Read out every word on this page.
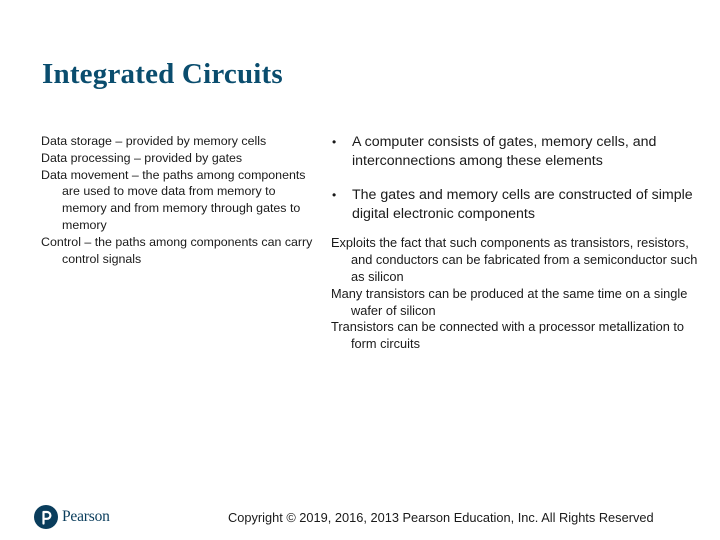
Integrated Circuits

Data storage – provided by memory cells

Data processing – provided by gates

Data movement – the paths among components are used to move data from memory to memory and from memory through gates to memory

Control – the paths among components can carry control signals

• A computer consists of gates, memory cells, and interconnections among these elements
• The gates and memory cells are constructed of simple digital electronic components

Exploits the fact that such components as transistors, resistors, and conductors can be fabricated from a semiconductor such as silicon

Many transistors can be produced at the same time on a single wafer of silicon

Transistors can be connected with a processor metallization to form circuits

Pearson	Copyright © 2019, 2016, 2013 Pearson Education, Inc. All Rights Reserved
